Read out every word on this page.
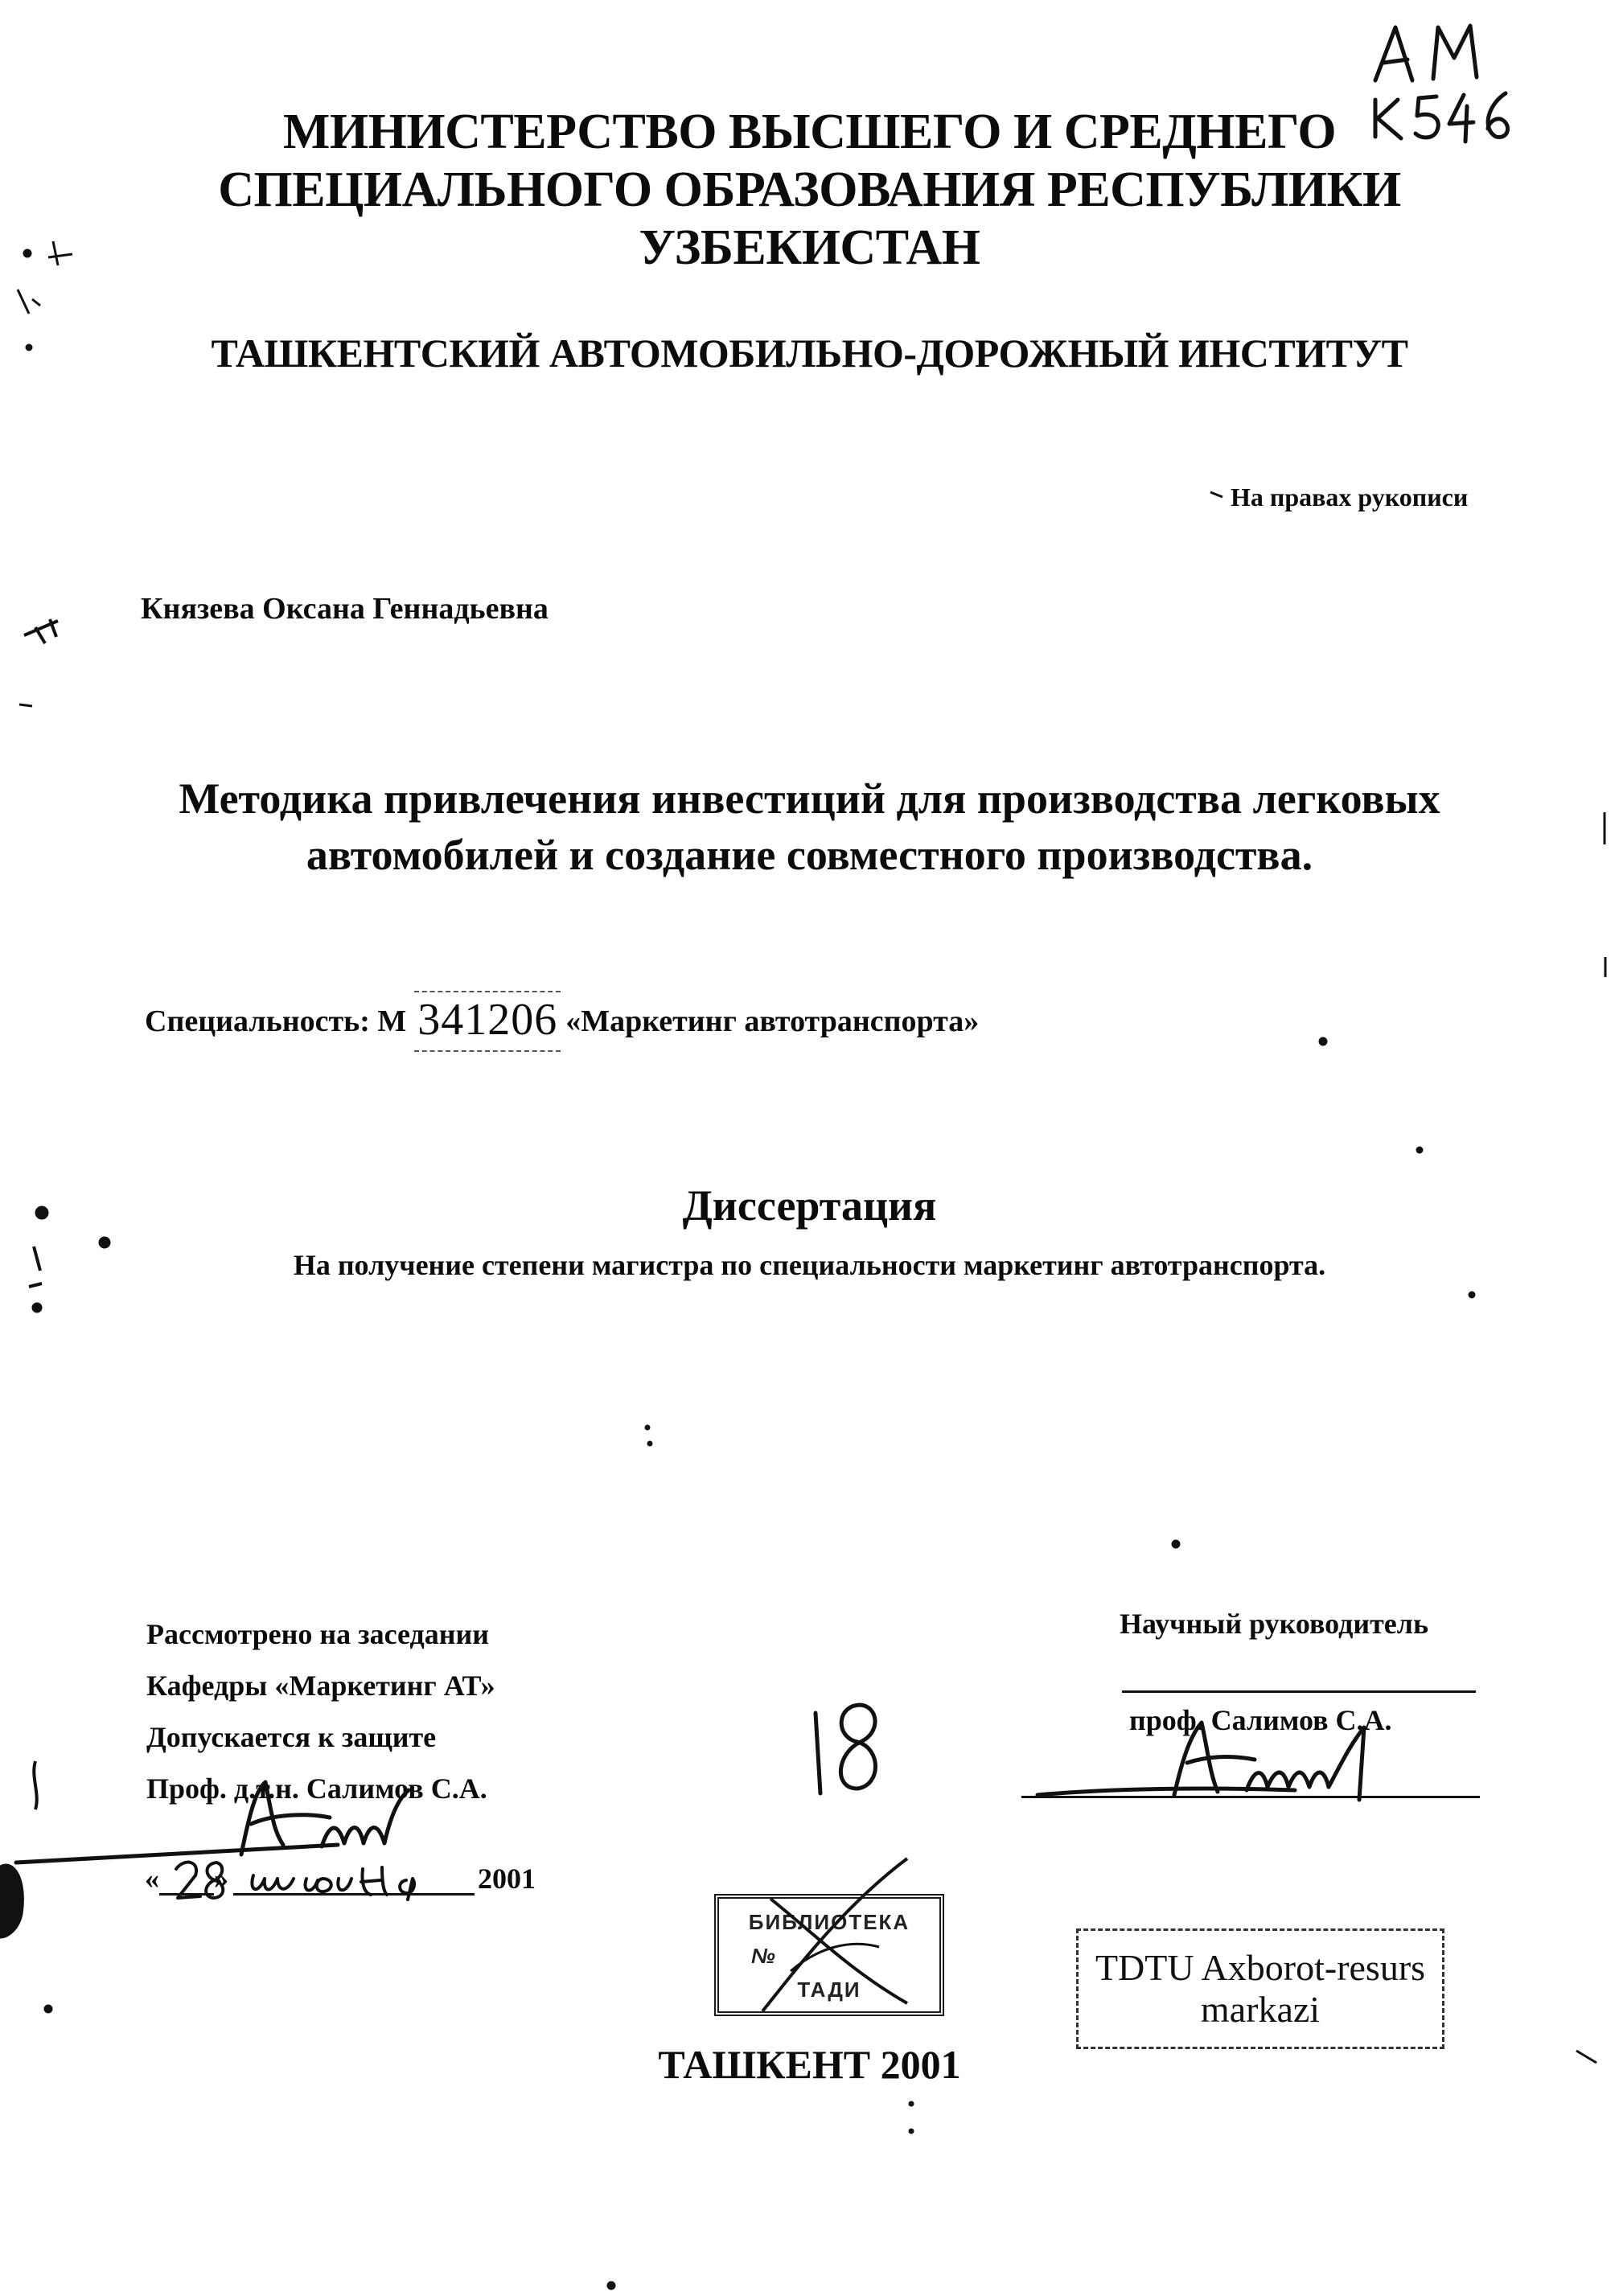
МИНИСТЕРСТВО ВЫСШЕГО И СРЕДНЕГО
СПЕЦИАЛЬНОГО ОБРАЗОВАНИЯ РЕСПУБЛИКИ
УЗБЕКИСТАН
ТАШКЕНТСКИЙ АВТОМОБИЛЬНО-ДОРОЖНЫЙ ИНСТИТУТ
На правах рукописи
Князева Оксана Геннадьевна
Методика привлечения инвестиций для производства легковых
автомобилей и создание совместного производства.
Специальность: М 341206 «Маркетинг автотранспорта»
Диссертация
На получение степени магистра по специальности маркетинг автотранспорта.
Рассмотрено на заседании
Кафедры «Маркетинг АТ»
Допускается к защите
Проф. д.т.н. Салимов С.А.
« »	2001
Научный руководитель
проф. Салимов С.А.
БИБЛИОТЕКА
№
ТАДИ
TDTU Axborot-resurs
markazi
ТАШКЕНТ 2001
